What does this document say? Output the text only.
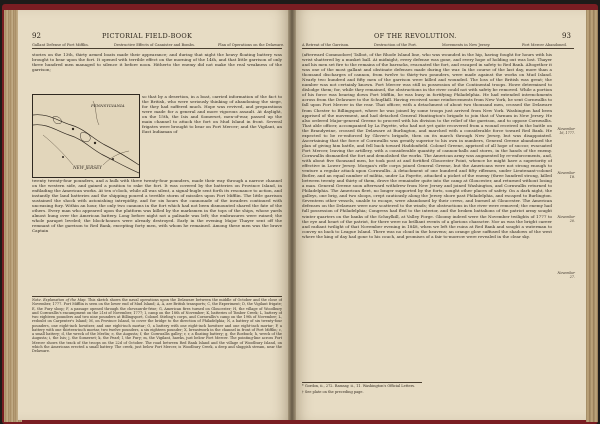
92	PICTORIAL FIELD-BOOK
Gallant Defense of Fort Mifflin.	Destructive Effects of Cannister and Bombs.	Plan of Operations on the Delaware.
stories on the 13th, thirty armed boats made their appearance; and during that night the heavy floating battery was brought to bear upon the fort. It opened with terrible effect on the morning of the 14th, and that little garrison of only three hundred men managed to silence it before noon. Hitherto the enemy did not make the real weakness of the garrison;
PENNSYLVANIA
NEW JERSEY
so that by a desertion, in a boat, carried information of the fact to the British, who were seriously thinking of abandoning the siege, for they had suffered much. Hope was revived, and preparations were made for a general and more vigorous assault. At daylight, on the 15th, the Isis and Somerset, men-of-war, passed up the main channel to attack the fort on Mud Island in front. Several frigates were brought to bear on Fort Mercer; and the Vigilant, an East Indiaman of
twenty twenty-four pounders, and a hulk with three twenty-four pounders, made their way through a narrow channel on the western side, and gained a position to rake the fort. It was covered by the batteries on Province Island, in enfilading the American works. At ten o'clock, while all was silent, a signal-bugle sent forth its resonance to action, and instantly the land batteries and the shipping poured a terrible storm of missiles upon Fort Mifflin. The little garrison sustained the shock with astonishing intrepidity, and for six hours the cannonade of the invaders continued with unceasing fury. Within an hour, the only two cannons in the fort which had not been dismounted shared the fate of the others. Every man who appeared upon the platform was killed by the marksmen in the tops of the ships, whose yards almost hung over the American battery. Long before night not a palisade was left; the embrasures were ruined; the whole parapet leveled; the block-houses were already destroyed. Early in the evening Major Thayer sent off the remnant of the garrison to Red Bank, excepting forty men, with whom he remained. Among these men was the brave Captain
Note. Explanation of the Map. This sketch shows the naval operations upon the Delaware between the middle of October and the close of November, 1777. Fort Mifflin is seen on the lower end of Mud Island; A, A, are British transports; C, the Experiment; D, the Vigilant frigate; E, the Fury sloop; F, a passage opened through the chevaux-de-frise; G, American fires turned on Gloucester; H, the village of Woodbury and Cornwallis's encampment on the 21st of November, 1777; I, camp on the 18th of November; K, batteries of Timber Creek; L, battery of two eighteen pounders and two nine pounders at Billingsport, Colonel Stirling's corps, and Cornwallis's camp on the 19th of November; L, redoubt on Carpenter's Island; M, on Province Island, to cover the bridge to the direction of Philadelphia; N, a battery of six twenty-four pounders, one eight-inch howitzer, and one eight-inch mortar; O, a battery with one eight-inch howitzer and one eight-inch mortar; P, a battery with one thirteen-inch mortar, two twelve pounders, a six eighteen pounder; X, breastwork in the channel in front of Fort Mifflin; c, a small battery; d, the wreck of the Merlin; e, the Augusta; f, the Cornwallis galley; r, r, a floating battery; g, the Roebuck; h, wreck of the Augusta; i, the Isis; j, the Somerset; k, the Pearl; l, the Fury; m, the Vigilant, hawks, just below Fort Mercer. The pointing-line across Fort Mercer shows the track of the troops on the 22d of October. The road between Red Bank Island and the village of Woodbury Island, on which the Americans erected a small battery. The creek, just below Fort Mercer, is Woodbury Creek, a deep and sluggish stream, near the Delaware.
OF THE REVOLUTION.	93
A Retreat of the Garrison.	Destruction of the Fort.	Movements in New Jersey.	Fort Mercer Abandoned.
(afterward Commodore) Talbot, of the Rhode Island line, who was wounded in the hip, having fought for hours with his wrist shattered by a musket ball. At midnight, every defense was gone, and every hope of holding out was lost. Thayer and his men set fire to the remains of the barracks, evacuated the fort, and escaped in safety to Red Bank. Altogether it was one of the most gallant and obstinate defenses made during the war. In the course of the last day, more than a thousand discharges of cannon, from twelve to thirty-two pounders, were made against the works on Mud Island. Nearly two hundred and fifty men of the garrison were killed and wounded. The loss of the British was great; the number was not certainly known. Fort Mercer was still in possession of the Continental troops. Howe determined to dislodge them; for, while they remained, the obstructions in the river could not with safety be removed. While a portion of his force was bearing down Fort Mifflin, he was busy in fortifying Philadelphia. He had extended intrenchments across from the Delaware to the Schuylkill. Having received some reinforcements from New York, he sent Cornwallis to fall upon Fort Mercer in the rear. That officer, with a detachment of about two thousand men, crossed the Delaware from Chester to Billingsport, where he was joined by some troops just arrived from New York. Washington had been apprised of the movement, and had detached General Huntington's brigade to join that of Varnum in New Jersey. He also ordered Major-general Greene to proceed with his division to the relief of the garrison, and to oppose Cornwallis. That able officer, accompanied by La Fayette, who had not yet quite recovered from a wound received in the battle on the Brandywine, crossed the Delaware at Burlington, and marched with a considerable force toward Red Bank. He expected to be re-enforced by Glover's brigade, then on its march through New Jersey, but was disappointed. Ascertaining that the force of Cornwallis was greatly superior to his own in numbers, General Greene abandoned the plan of giving him battle, and fell back toward Haddonfield. Colonel Greene, apprised of all hope of succor, evacuated Fort Mercer, leaving the artillery, with a considerable quantity of cannon-balls and stores, in the hands of the enemy. Cornwallis dismantled the fort and demolished the works. The American army was augmented by re-enforcements, and, with about five thousand men, he took post at and fortified Gloucester Point, whence he might have a superiority of effective in Lower Jersey. Morgan's rifle corps joined General Greene, but the Americans were not strong enough to venture a regular attack upon Cornwallis. A detachment of one hundred and fifty riflemen, under Lieutenant-colonel Butler, and an equal number of militia, under La Fayette, attacked a picket of the enemy (three hundred strong, killed between twenty and thirty of them, drove the remainder quite into the camp at Gloucester, and returned without losing a man. General Greene soon afterward withdrew from New Jersey and joined Washington, and Cornwallis returned to Philadelphia. The American fleet, no longer supported by the forts, sought other places of safety. On a dark night, the galleys, one brig, and two sloops, crept cautiously along the Jersey shore past Philadelphia, and escaped to Burlington. Seventeen other vessels, unable to escape, were abandoned by their crews, and burned at Gloucester. The American defenses on the Delaware were now scattered to the winds; the obstructions in the river were removed; the enemy had full possession of Philadelphia; Congress had fled to the interior, and the broken battalions of the patriot army sought winter quarters on the banks of the Schuylkill, at Valley Forge. Gloomy indeed were the November twilights of 1777 to the eye and heart of the patriot, for there were no brilliant events of a glorious character. Nor as was the bright career and radiant twilight of that November evening in 1848, when we left the ruins at Red Bank and sought a waterman to convey us back to League Island. There was no cloud in the heavens; an orange glow suffused the shadows of the west where the king of day had gone to his couch, and promises of a fair to-morrow were revealed in the clear sky.
November 16, 1777.
November 18.
November 20.
November 27.
* Gordon, ii., 272. Ramsay, ii., 11. Washington's Official Letters.
† See plate on the preceding page.
